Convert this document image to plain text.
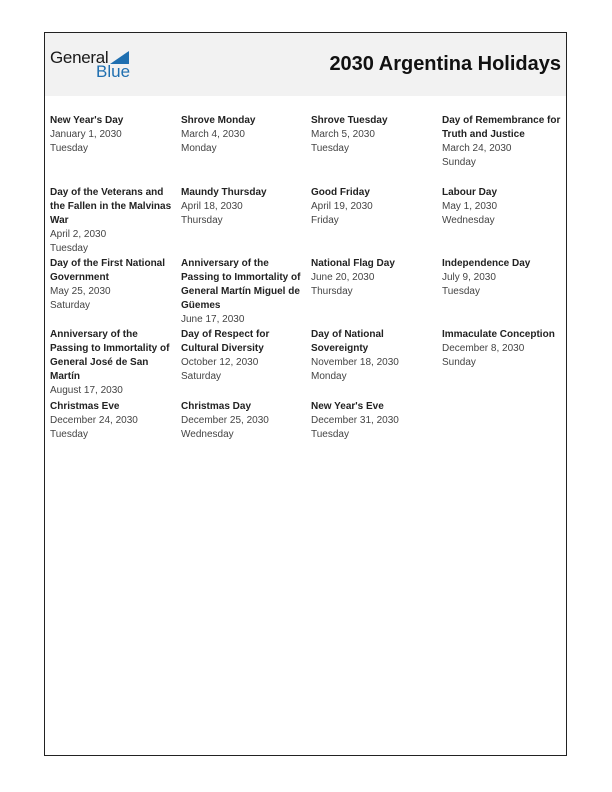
General
Blue	2030 Argentina Holidays
New Year's Day
January 1, 2030
Tuesday
Shrove Monday
March 4, 2030
Monday
Shrove Tuesday
March 5, 2030
Tuesday
Day of Remembrance for Truth and Justice
March 24, 2030
Sunday
Day of the Veterans and the Fallen in the Malvinas War
April 2, 2030
Tuesday
Maundy Thursday
April 18, 2030
Thursday
Good Friday
April 19, 2030
Friday
Labour Day
May 1, 2030
Wednesday
Day of the First National Government
May 25, 2030
Saturday
Anniversary of the Passing to Immortality of General Martín Miguel de Güemes
June 17, 2030
National Flag Day
June 20, 2030
Thursday
Independence Day
July 9, 2030
Tuesday
Anniversary of the Passing to Immortality of General José de San Martín
August 17, 2030
Day of Respect for Cultural Diversity
October 12, 2030
Saturday
Day of National Sovereignty
November 18, 2030
Monday
Immaculate Conception
December 8, 2030
Sunday
Christmas Eve
December 24, 2030
Tuesday
Christmas Day
December 25, 2030
Wednesday
New Year's Eve
December 31, 2030
Tuesday
